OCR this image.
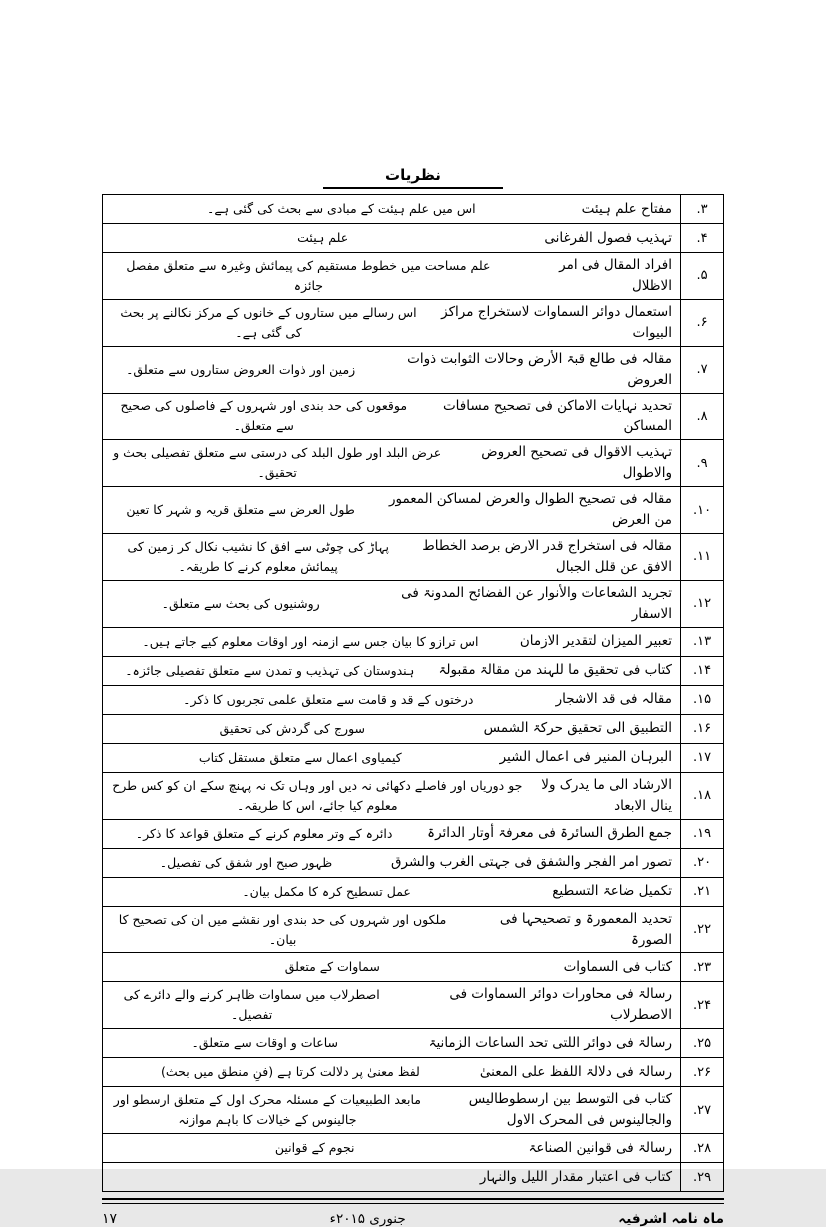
نظریات
۳.
مفتاح علم ہیئت
اس میں علم ہیئت کے مبادی سے بحث کی گئی ہے۔
۴.
تہذیب فصول الفرغانی
علم ہیئت
۵.
افراد المقال فی امر الاظلال
علم مساحت میں خطوط مستقیم کی پیمائش وغیرہ سے متعلق مفصل جائزہ
۶.
استعمال دوائر السماوات لاستخراج مراکز البیوات
اس رسالے میں ستاروں کے خانوں کے مرکز نکالنے پر بحث کی گئی ہے۔
۷.
مقالہ فی طالع قبۃ الأرض وحالات الثوابت ذوات العروض
زمین اور ذوات العروض ستاروں سے متعلق۔
۸.
تحدید نہایات الاماکن فی تصحیح مسافات المساکن
موقعوں کی حد بندی اور شہروں کے فاصلوں کی صحیح سے متعلق۔
۹.
تہذیب الاقوال فی تصحیح العروض والاطوال
عرض البلد اور طول البلد کی درستی سے متعلق تفصیلی بحث و تحقیق۔
۱۰.
مقالہ فی تصحیح الطوال والعرض لمساکن المعمور من العرض
طول العرض سے متعلق قریہ و شہر کا تعین
۱۱.
مقالہ فی استخراج قدر الارض برصد الخطاط الافق عن قلل الجبال
پہاڑ کی چوٹی سے افق کا نشیب نکال کر زمین کی پیمائش معلوم کرنے کا طریقہ۔
۱۲.
تجرید الشعاعات والأنوار عن الفضائح المدونۃ فی الاسفار
روشنیوں کی بحث سے متعلق۔
۱۳.
تعبیر المیزان لتقدیر الازمان
اس ترازو کا بیان جس سے ازمنہ اور اوقات معلوم کیے جاتے ہیں۔
۱۴.
کتاب فی تحقیق ما للہند من مقالۃ مقبولۃ
ہندوستان کی تہذیب و تمدن سے متعلق تفصیلی جائزہ۔
۱۵.
مقالہ فی قد الاشجار
درختوں کے قد و قامت سے متعلق علمی تجربوں کا ذکر۔
۱۶.
التطبیق الی تحقیق حرکۃ الشمس
سورج کی گردش کی تحقیق
۱۷.
البرہان المنیر فی اعمال الشیر
کیمیاوی اعمال سے متعلق مستقل کتاب
۱۸.
الارشاد الی ما یدرک ولا ینال الابعاد
جو دوریاں اور فاصلے دکھائی نہ دیں اور وہاں تک نہ پہنچ سکے ان کو کس طرح معلوم کیا جائے، اس کا طریقہ۔
۱۹.
جمع الطرق السائرۃ فی معرفۃ أوتار الدائرۃ
دائرہ کے وتر معلوم کرنے کے متعلق قواعد کا ذکر۔
۲۰.
تصور امر الفجر والشفق فی جہتی الغرب والشرق
ظہور صبح اور شفق کی تفصیل۔
۲۱.
تکمیل ضاعۃ التسطیع
عمل تسطیح کرہ کا مکمل بیان۔
۲۲.
تحدید المعمورۃ و تصحیحہا فی الصورۃ
ملکوں اور شہروں کی حد بندی اور نقشے میں ان کی تصحیح کا بیان۔
۲۳.
کتاب فی السماوات
سماوات کے متعلق
۲۴.
رسالۃ فی محاورات دوائر السماوات فی الاصطرلاب
اصطرلاب میں سماوات ظاہر کرنے والے دائرے کی تفصیل۔
۲۵.
رسالۃ فی دوائر اللتی تحد الساعات الزمانیۃ
ساعات و اوقات سے متعلق۔
۲۶.
رسالۃ فی دلالۃ اللفظ علی المعنیٰ
لفظ معنیٰ پر دلالت کرتا ہے (فنِ منطق میں بحث)
۲۷.
کتاب فی التوسط بین ارسطوطالیس والجالینوس فی المحرک الاول
مابعد الطبیعیات کے مسئلہ محرک اول کے متعلق ارسطو اور جالینوس کے خیالات کا باہم موازنہ
۲۸.
رسالۃ فی قوانین الصناعۃ
نجوم کے قوانین
۲۹.
کتاب فی اعتبار مقدار اللیل والنہار
ماہ نامہ اشرفیہ
جنوری ۲۰۱۵ء
۱۷
